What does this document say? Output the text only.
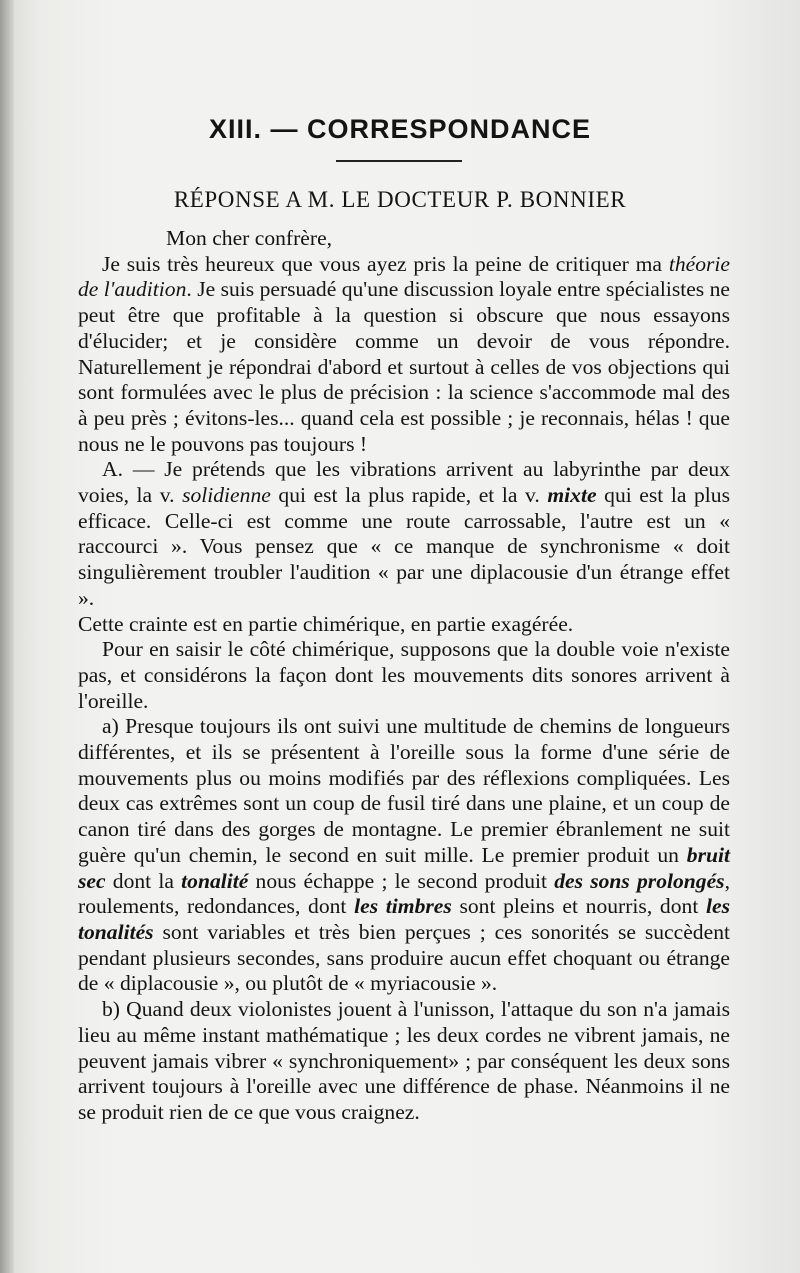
XIII. — CORRESPONDANCE
RÉPONSE A M. LE DOCTEUR P. BONNIER

Mon cher confrère,

Je suis très heureux que vous ayez pris la peine de critiquer ma théorie de l'audition. Je suis persuadé qu'une discussion loyale entre spécialistes ne peut être que profitable à la question si obscure que nous essayons d'élucider; et je considère comme un devoir de vous répondre. Naturellement je répondrai d'abord et surtout à celles de vos objections qui sont formulées avec le plus de précision : la science s'accommode mal des à peu près ; évitons-les... quand cela est possible ; je reconnais, hélas ! que nous ne le pouvons pas toujours !

A. — Je prétends que les vibrations arrivent au labyrinthe par deux voies, la v. solidienne qui est la plus rapide, et la v. mixte qui est la plus efficace. Celle-ci est comme une route carrossable, l'autre est un « raccourci ». Vous pensez que « ce manque de synchronisme « doit singulièrement troubler l'audition « par une diplacousie d'un étrange effet ».

Cette crainte est en partie chimérique, en partie exagérée.

Pour en saisir le côté chimérique, supposons que la double voie n'existe pas, et considérons la façon dont les mouvements dits sonores arrivent à l'oreille.

a) Presque toujours ils ont suivi une multitude de chemins de longueurs différentes, et ils se présentent à l'oreille sous la forme d'une série de mouvements plus ou moins modifiés par des réflexions compliquées. Les deux cas extrêmes sont un coup de fusil tiré dans une plaine, et un coup de canon tiré dans des gorges de montagne. Le premier ébranlement ne suit guère qu'un chemin, le second en suit mille. Le premier produit un bruit sec dont la tonalité nous échappe ; le second produit des sons prolongés, roulements, redondances, dont les timbres sont pleins et nourris, dont les tonalités sont variables et très bien perçues ; ces sonorités se succèdent pendant plusieurs secondes, sans produire aucun effet choquant ou étrange de « diplacousie », ou plutôt de « myriacousie ».

b) Quand deux violonistes jouent à l'unisson, l'attaque du son n'a jamais lieu au même instant mathématique ; les deux cordes ne vibrent jamais, ne peuvent jamais vibrer « synchroniquement» ; par conséquent les deux sons arrivent toujours à l'oreille avec une différence de phase. Néanmoins il ne se produit rien de ce que vous craignez.
